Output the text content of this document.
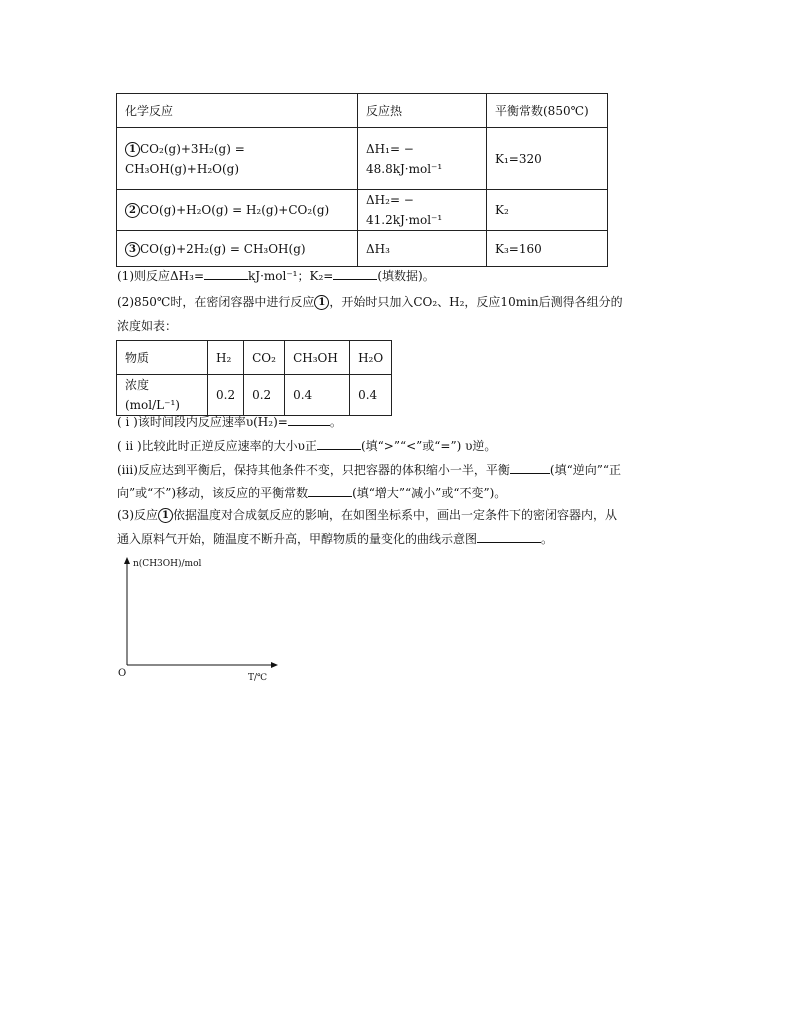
化学反应	反应热	平衡常数(850℃)
1 CO₂(g)+3H₂(g) =
CH₃OH(g)+H₂O(g)	ΔH₁= − 48.8kJ·mol⁻¹	K₁=320
2 CO(g)+H₂O(g) = H₂(g)+CO₂(g)	ΔH₂= − 41.2kJ·mol⁻¹	K₂
3 CO(g)+2H₂(g) = CH₃OH(g)	ΔH₃	K₃=160
(1)则反应ΔH₃=	kJ·mol⁻¹；K₂=	(填数据)。
(2)850℃时，在密闭容器中进行反应 1 ，开始时只加入CO₂、H₂，反应10min后测得各组分的
浓度如表：
物质	H₂	CO₂	CH₃OH	H₂O
浓度(mol/L⁻¹)	0.2	0.2	0.4	0.4
( i )该时间段内反应速率υ(H₂)=	。
( ii )比较此时正逆反应速率的大小υ正	(填“>”“<”或“=”) υ逆。
(iii)反应达到平衡后，保持其他条件不变，只把容器的体积缩小一半，平衡	(填“逆向”“正
向”或“不”)移动，该反应的平衡常数	(填“增大”“减小”或“不变”)。
(3)反应 1 依据温度对合成氨反应的影响，在如图坐标系中，画出一定条件下的密闭容器内，从
通入原料气开始，随温度不断升高，甲醇物质的量变化的曲线示意图	。
n(CH3OH)/mol
T/℃
O
